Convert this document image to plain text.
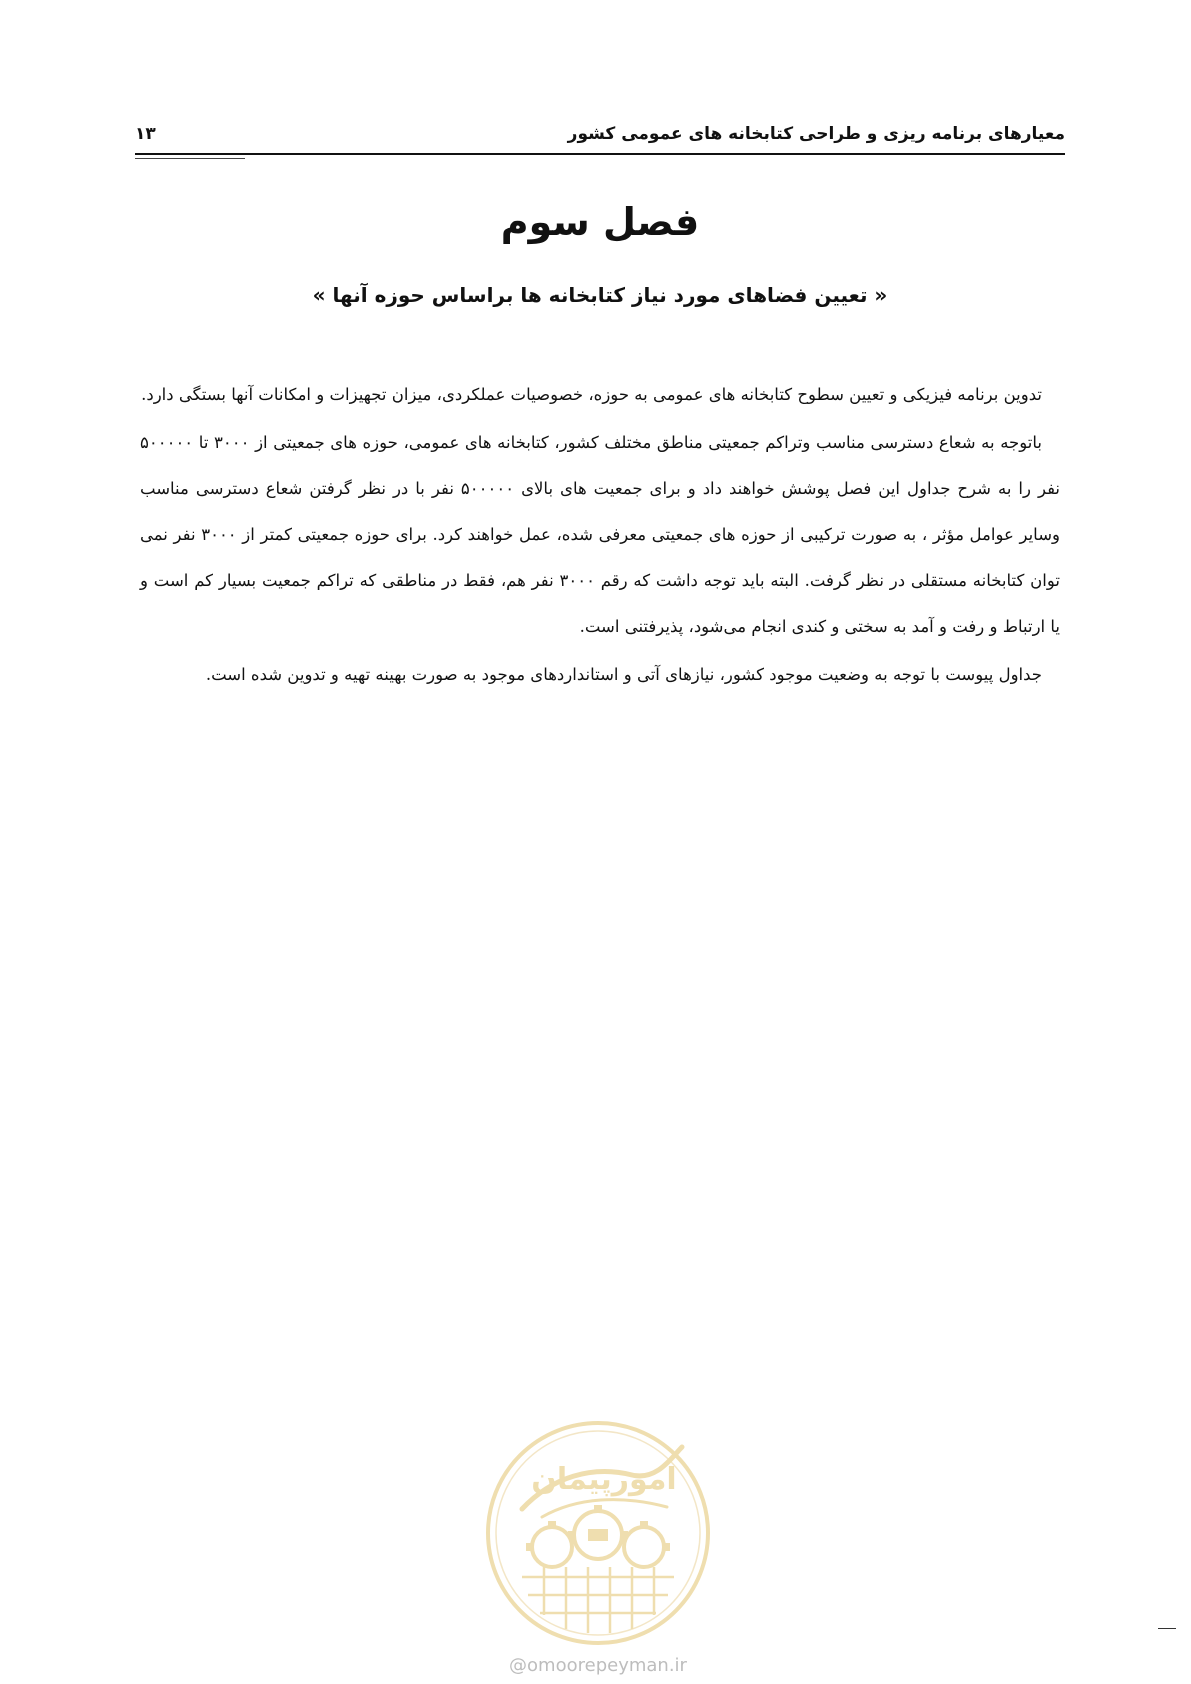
معیارهای برنامه ریزی و طراحی کتابخانه های عمومی کشور
۱۳
فصل سوم
« تعیین فضاهای مورد نیاز کتابخانه ها براساس حوزه آنها »

تدوین برنامه فیزیکی و تعیین سطوح کتابخانه های عمومی به حوزه، خصوصیات عملکردی، میزان تجهیزات و امکانات آنها بستگی دارد.

باتوجه به شعاع دسترسی مناسب وتراکم جمعیتی مناطق مختلف کشور، کتابخانه های عمومی، حوزه های جمعیتی از ۳۰۰۰ تا ۵۰۰۰۰۰ نفر را به شرح جداول این فصل پوشش خواهند داد و برای جمعیت های بالای ۵۰۰۰۰۰ نفر با در نظر گرفتن شعاع دسترسی مناسب وسایر عوامل مؤثر ، به صورت ترکیبی از حوزه های جمعیتی معرفی شده، عمل خواهند کرد. برای حوزه جمعیتی کمتر از ۳۰۰۰ نفر نمی توان کتابخانه مستقلی در نظر گرفت. البته باید توجه داشت که رقم ۳۰۰۰ نفر هم، فقط در مناطقی که تراکم جمعیت بسیار کم است و یا ارتباط و رفت و آمد به سختی و کندی انجام می‌شود، پذیرفتنی است.

جداول پیوست با توجه به وضعیت موجود کشور، نیازهای آتی و استانداردهای موجود به صورت بهینه تهیه و تدوین شده است.

امورپیمان
@omoorepeyman.ir
